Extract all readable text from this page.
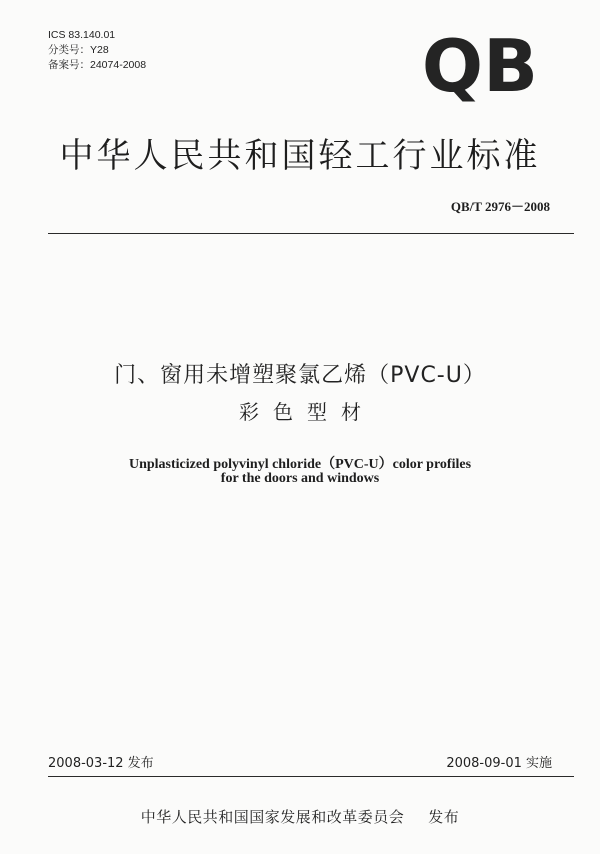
ICS 83.140.01
分类号：Y28
备案号：24074-2008	QB
中华人民共和国轻工行业标准
QB/T 2976－2008
门、窗用未增塑聚氯乙烯（PVC-U）
彩色型材
Unplasticized polyvinyl chloride（PVC-U）color profiles
for the doors and windows
2008-03-12 发布	2008-09-01 实施
中华人民共和国国家发展和改革委员会 发布
